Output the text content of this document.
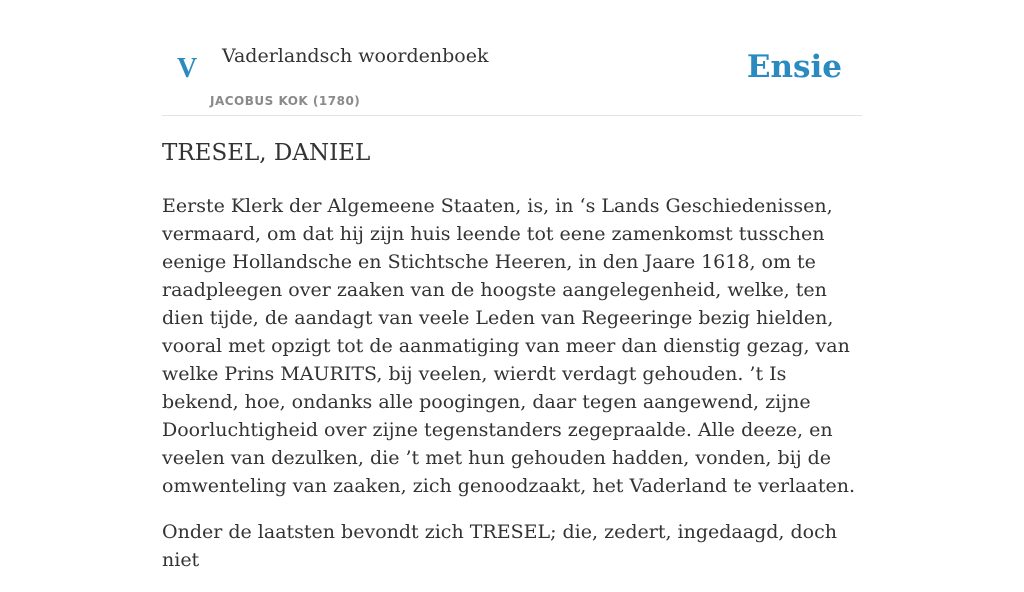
V Vaderlandsch woordenboek
JACOBUS KOK (1780)
Ensie
TRESEL, DANIEL

Eerste Klerk der Algemeene Staaten, is, in ‘s Lands Geschiedenissen, vermaard, om dat hij zijn huis leende tot eene zamenkomst tusschen eenige Hollandsche en Stichtsche Heeren, in den Jaare 1618, om te raadpleegen over zaaken van de hoogste aangelegenheid, welke, ten dien tijde, de aandagt van veele Leden van Regeeringe bezig hielden, vooral met opzigt tot de aanmatiging van meer dan dienstig gezag, van welke Prins MAURITS, bij veelen, wierdt verdagt gehouden. ’t Is bekend, hoe, ondanks alle poogingen, daar tegen aangewend, zijne Doorluchtigheid over zijne tegenstanders zegepraalde. Alle deeze, en veelen van dezulken, die ’t met hun gehouden hadden, vonden, bij de omwenteling van zaaken, zich genoodzaakt, het Vaderland te verlaaten.

Onder de laatsten bevondt zich TRESEL; die, zedert, ingedaagd, doch niet
